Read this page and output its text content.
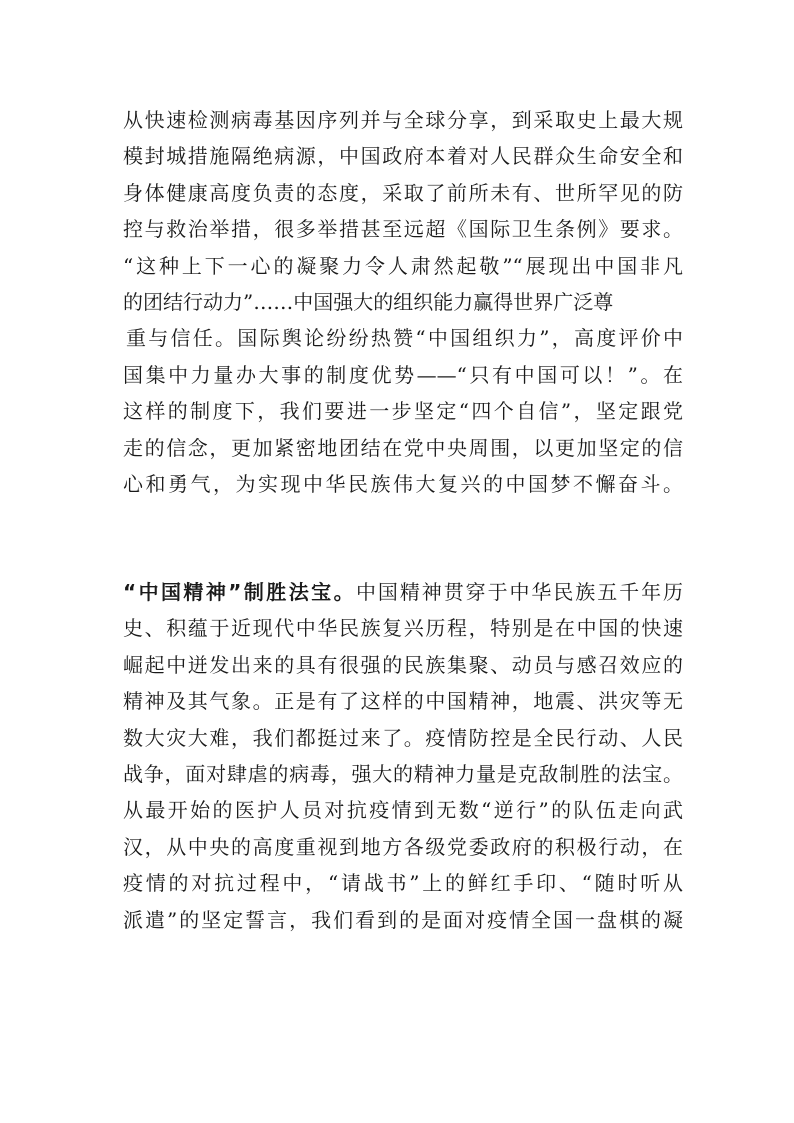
从快速检测病毒基因序列并与全球分享，到采取史上最大规
模封城措施隔绝病源，中国政府本着对人民群众生命安全和
身体健康高度负责的态度，采取了前所未有、世所罕见的防
控与救治举措，很多举措甚至远超《国际卫生条例》要求。
“这种上下一心的凝聚力令人肃然起敬”“展现出中国非凡
的团结行动力”……中国强大的组织能力赢得世界广泛尊
重与信任。国际舆论纷纷热赞“中国组织力”，高度评价中
国集中力量办大事的制度优势——“只有中国可以！”。在
这样的制度下，我们要进一步坚定“四个自信”，坚定跟党
走的信念，更加紧密地团结在党中央周围，以更加坚定的信
心和勇气，为实现中华民族伟大复兴的中国梦不懈奋斗。
“中国精神”制胜法宝。中国精神贯穿于中华民族五千年历
史、积蕴于近现代中华民族复兴历程，特别是在中国的快速
崛起中迸发出来的具有很强的民族集聚、动员与感召效应的
精神及其气象。正是有了这样的中国精神，地震、洪灾等无
数大灾大难，我们都挺过来了。疫情防控是全民行动、人民
战争，面对肆虐的病毒，强大的精神力量是克敌制胜的法宝。
从最开始的医护人员对抗疫情到无数“逆行”的队伍走向武
汉，从中央的高度重视到地方各级党委政府的积极行动，在
疫情的对抗过程中，“请战书”上的鲜红手印、“随时听从
派遣”的坚定誓言，我们看到的是面对疫情全国一盘棋的凝
